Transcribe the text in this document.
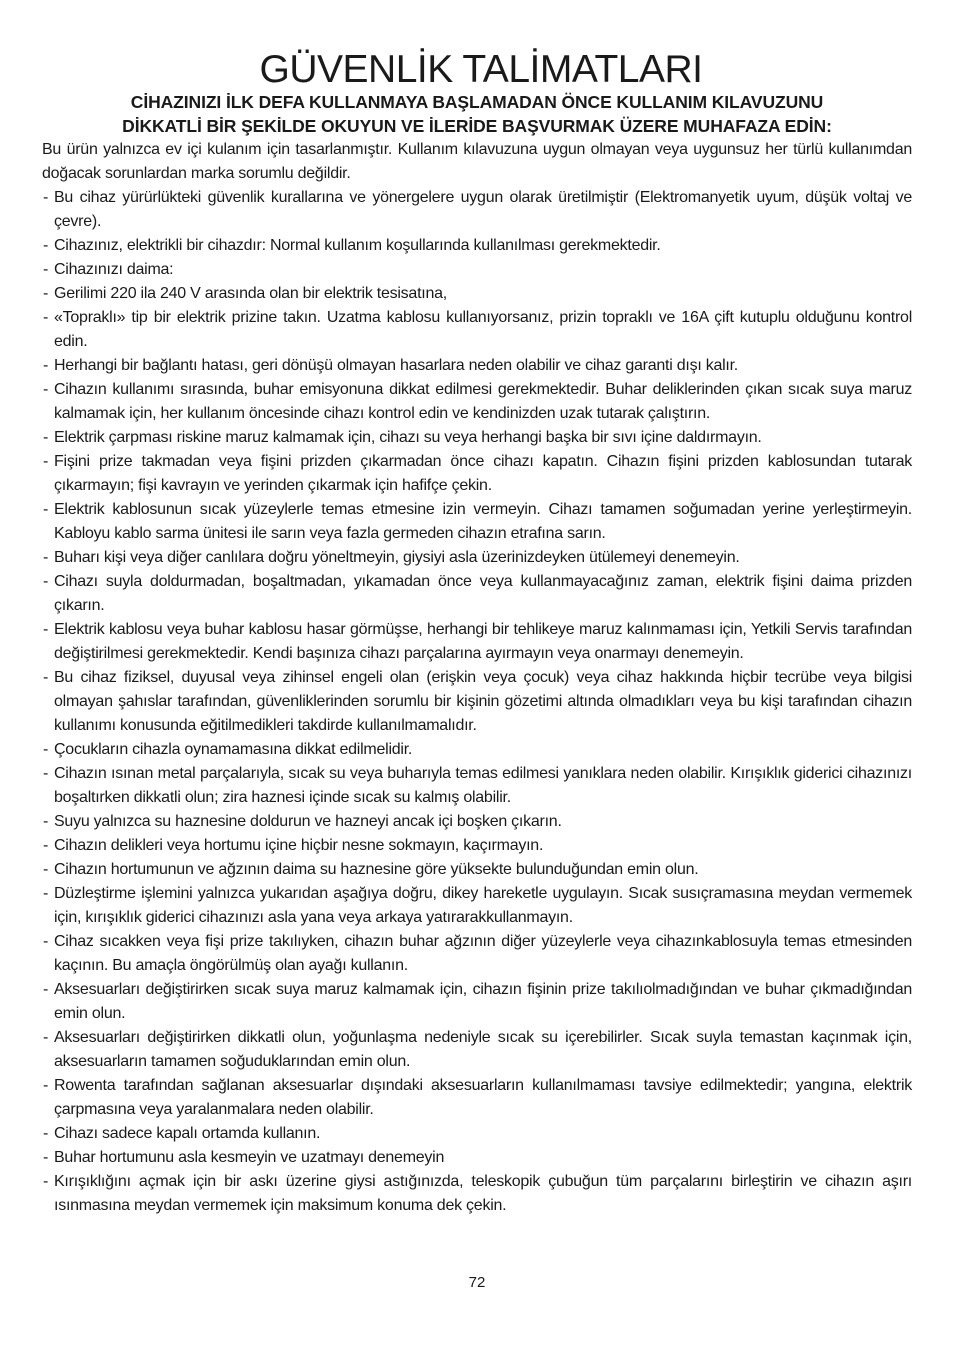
GÜVENLİK TALİMATLARI
CİHAZINIZI İLK DEFA KULLANMAYA BAŞLAMADAN ÖNCE KULLANIM KILAVUZUNU
DİKKATLİ BİR ŞEKİLDE OKUYUN VE İLERİDE BAŞVURMAK ÜZERE MUHAFAZA EDİN:

Bu ürün yalnızca ev içi kulanım için tasarlanmıştır. Kullanım kılavuzuna uygun olmayan veya uygunsuz her türlü kullanımdan doğacak sorunlardan marka sorumlu değildir.

- Bu cihaz yürürlükteki güvenlik kurallarına ve yönergelere uygun olarak üretilmiştir (Elektromanyetik uyum, düşük voltaj ve çevre).
- Cihazınız, elektrikli bir cihazdır: Normal kullanım koşullarında kullanılması gerekmektedir.
- Cihazınızı daima:
- Gerilimi 220 ila 240 V arasında olan bir elektrik tesisatına,
- «Topraklı» tip bir elektrik prizine takın. Uzatma kablosu kullanıyorsanız, prizin topraklı ve 16A çift kutuplu olduğunu kontrol edin.
- Herhangi bir bağlantı hatası, geri dönüşü olmayan hasarlara neden olabilir ve cihaz garanti dışı kalır.
- Cihazın kullanımı sırasında, buhar emisyonuna dikkat edilmesi gerekmektedir. Buhar deliklerinden çıkan sıcak suya maruz kalmamak için, her kullanım öncesinde cihazı kontrol edin ve kendinizden uzak tutarak çalıştırın.
- Elektrik çarpması riskine maruz kalmamak için, cihazı su veya herhangi başka bir sıvı içine daldırmayın.
- Fişini prize takmadan veya fişini prizden çıkarmadan önce cihazı kapatın. Cihazın fişini prizden kablosundan tutarak çıkarmayın; fişi kavrayın ve yerinden çıkarmak için hafifçe çekin.
- Elektrik kablosunun sıcak yüzeylerle temas etmesine izin vermeyin. Cihazı tamamen soğumadan yerine yerleştirmeyin. Kabloyu kablo sarma ünitesi ile sarın veya fazla germeden cihazın etrafına sarın.
- Buharı kişi veya diğer canlılara doğru yöneltmeyin, giysiyi asla üzerinizdeyken ütülemeyi denemeyin.
- Cihazı suyla doldurmadan, boşaltmadan, yıkamadan önce veya kullanmayacağınız zaman, elektrik fişini daima prizden çıkarın.
- Elektrik kablosu veya buhar kablosu hasar görmüşse, herhangi bir tehlikeye maruz kalınmaması için, Yetkili Servis tarafından değiştirilmesi gerekmektedir. Kendi başınıza cihazı parçalarına ayırmayın veya onarmayı denemeyin.
- Bu cihaz fiziksel, duyusal veya zihinsel engeli olan (erişkin veya çocuk) veya cihaz hakkında hiçbir tecrübe veya bilgisi olmayan şahıslar tarafından, güvenliklerinden sorumlu bir kişinin gözetimi altında olmadıkları veya bu kişi tarafından cihazın kullanımı konusunda eğitilmedikleri takdirde kullanılmamalıdır.
- Çocukların cihazla oynamamasına dikkat edilmelidir.
- Cihazın ısınan metal parçalarıyla, sıcak su veya buharıyla temas edilmesi yanıklara neden olabilir. Kırışıklık giderici cihazınızı boşaltırken dikkatli olun; zira haznesi içinde sıcak su kalmış olabilir.
- Suyu yalnızca su haznesine doldurun ve hazneyi ancak içi boşken çıkarın.
- Cihazın delikleri veya hortumu içine hiçbir nesne sokmayın, kaçırmayın.
- Cihazın hortumunun ve ağzının daima su haznesine göre yüksekte bulunduğundan emin olun.
- Düzleştirme işlemini yalnızca yukarıdan aşağıya doğru, dikey hareketle uygulayın. Sıcak susıçramasına meydan vermemek için, kırışıklık giderici cihazınızı asla yana veya arkaya yatırarakkullanmayın.
- Cihaz sıcakken veya fişi prize takılıyken, cihazın buhar ağzının diğer yüzeylerle veya cihazınkablosuyla temas etmesinden kaçının. Bu amaçla öngörülmüş olan ayağı kullanın.
- Aksesuarları değiştirirken sıcak suya maruz kalmamak için, cihazın fişinin prize takılıolmadığından ve buhar çıkmadığından emin olun.
- Aksesuarları değiştirirken dikkatli olun, yoğunlaşma nedeniyle sıcak su içerebilirler. Sıcak suyla temastan kaçınmak için, aksesuarların tamamen soğuduklarından emin olun.
- Rowenta tarafından sağlanan aksesuarlar dışındaki aksesuarların kullanılmaması tavsiye edilmektedir; yangına, elektrik çarpmasına veya yaralanmalara neden olabilir.
- Cihazı sadece kapalı ortamda kullanın.
- Buhar hortumunu asla kesmeyin ve uzatmayı denemeyin
- Kırışıklığını açmak için bir askı üzerine giysi astığınızda, teleskopik çubuğun tüm parçalarını birleştirin ve cihazın aşırı ısınmasına meydan vermemek için maksimum konuma dek çekin.
72
